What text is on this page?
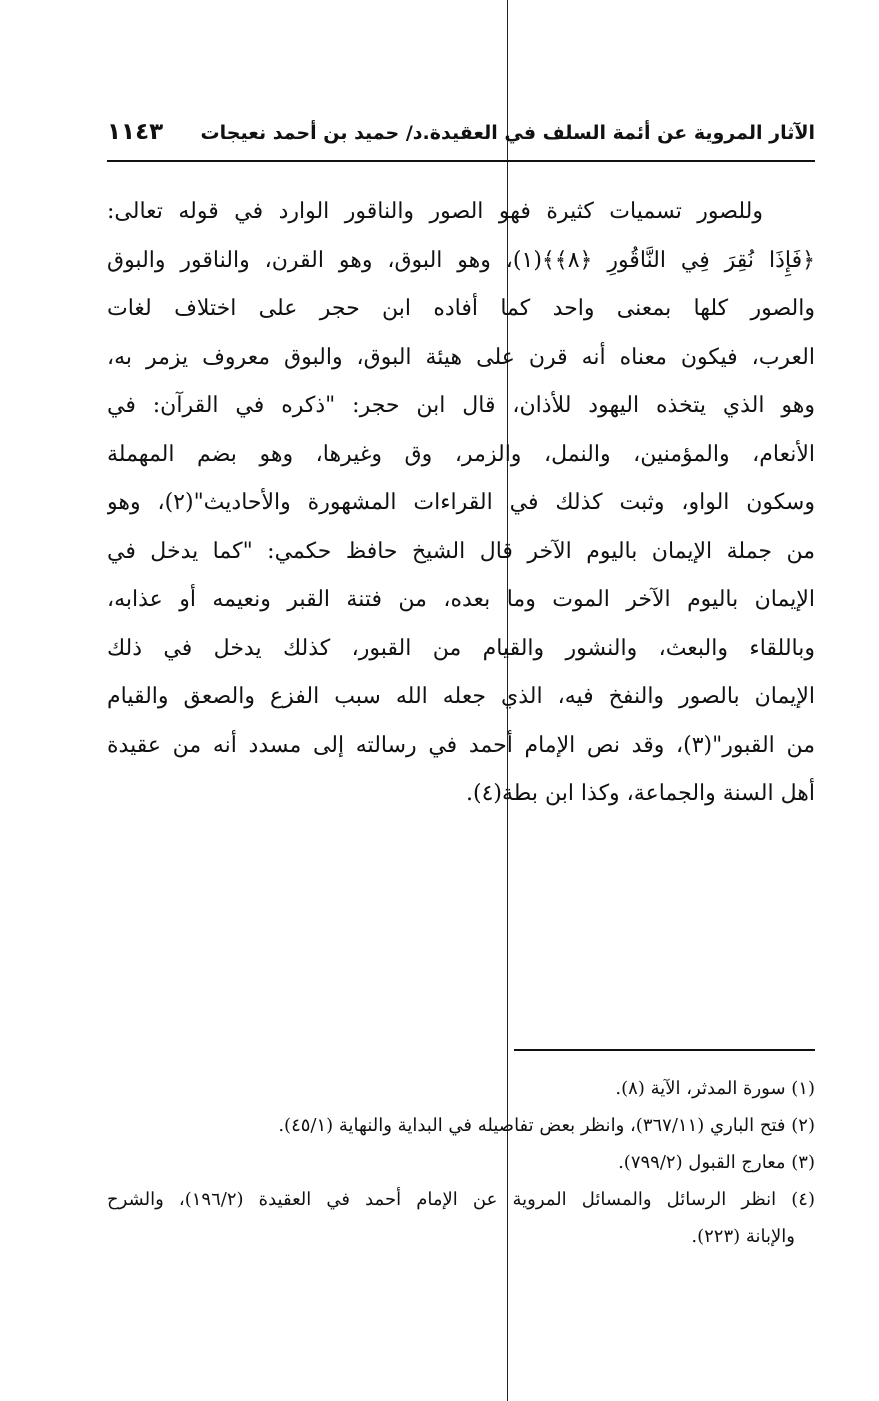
الآثار المروية عن أئمة السلف في العقيدة.د/ حميد بن أحمد نعيجات
١١٤٣
وللصور تسميات كثيرة فهو الصور والناقور الوارد في قوله تعالى:
﴿فَإِذَا نُقِرَ فِي النَّاقُورِ ﴿٨﴾﴾(١)، وهو البوق، وهو القرن، والناقور والبوق
والصور كلها بمعنى واحد كما أفاده ابن حجر على اختلاف لغات
العرب، فيكون معناه أنه قرن على هيئة البوق، والبوق معروف يزمر به،
وهو الذي يتخذه اليهود للأذان، قال ابن حجر: "ذكره في القرآن: في
الأنعام، والمؤمنين، والنمل، والزمر، وق وغيرها، وهو بضم المهملة
وسكون الواو، وثبت كذلك في القراءات المشهورة والأحاديث"(٢)، وهو
من جملة الإيمان باليوم الآخر قال الشيخ حافظ حكمي: "كما يدخل في
الإيمان باليوم الآخر الموت وما بعده، من فتنة القبر ونعيمه أو عذابه،
وباللقاء والبعث، والنشور والقيام من القبور، كذلك يدخل في ذلك
الإيمان بالصور والنفخ فيه، الذي جعله الله سبب الفزع والصعق والقيام
من القبور"(٣)، وقد نص الإمام أحمد في رسالته إلى مسدد أنه من عقيدة
أهل السنة والجماعة، وكذا ابن بطة(٤).
(١) سورة المدثر، الآية (٨).
(٢) فتح الباري (٣٦٧/١١)، وانظر بعض تفاصيله في البداية والنهاية (٤٥/١).
(٣) معارج القبول (٧٩٩/٢).
(٤) انظر الرسائل والمسائل المروية عن الإمام أحمد في العقيدة (١٩٦/٢)، والشرح
والإبانة (٢٢٣).
